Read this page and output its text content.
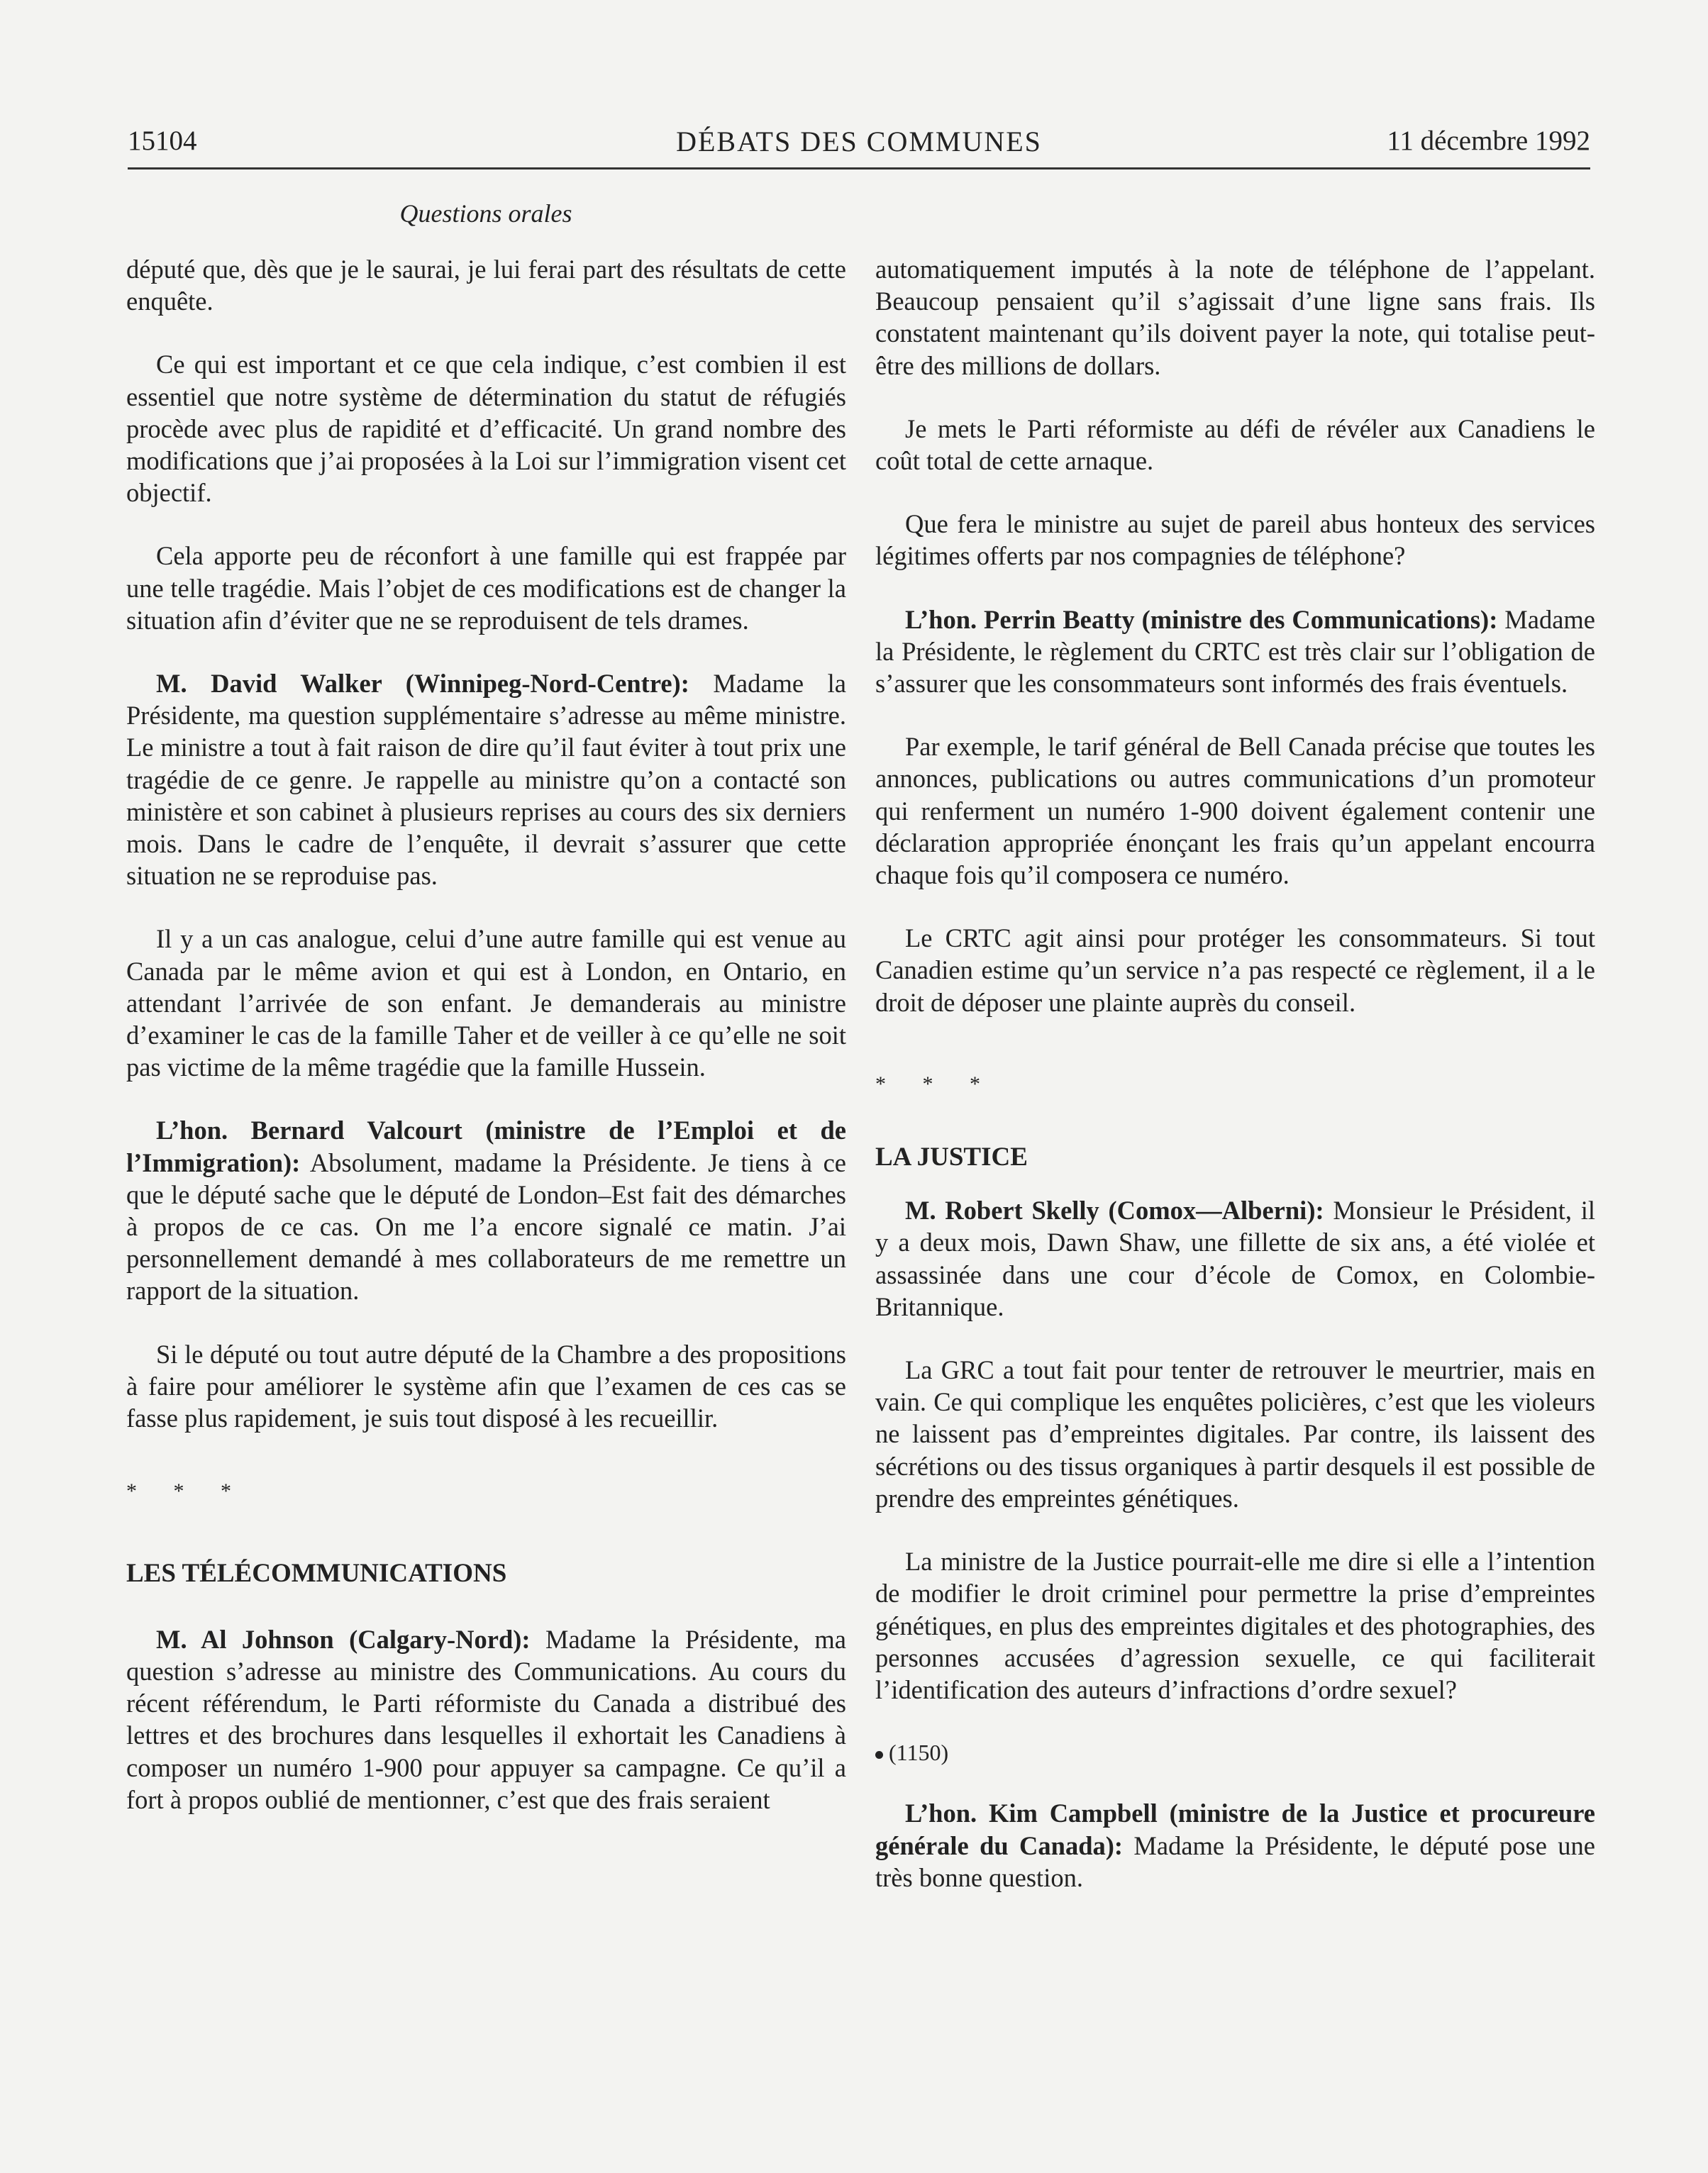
15104	DÉBATS DES COMMUNES	11 décembre 1992
Questions orales

député que, dès que je le saurai, je lui ferai part des résultats de cette enquête.

Ce qui est important et ce que cela indique, c’est combien il est essentiel que notre système de détermination du statut de réfugiés procède avec plus de rapidité et d’efficacité. Un grand nombre des modifications que j’ai proposées à la Loi sur l’immigration visent cet objectif.

Cela apporte peu de réconfort à une famille qui est frappée par une telle tragédie. Mais l’objet de ces modifications est de changer la situation afin d’éviter que ne se reproduisent de tels drames.

M. David Walker (Winnipeg-Nord-Centre): Madame la Présidente, ma question supplémentaire s’adresse au même ministre. Le ministre a tout à fait raison de dire qu’il faut éviter à tout prix une tragédie de ce genre. Je rappelle au ministre qu’on a contacté son ministère et son cabinet à plusieurs reprises au cours des six derniers mois. Dans le cadre de l’enquête, il devrait s’assurer que cette situation ne se reproduise pas.

Il y a un cas analogue, celui d’une autre famille qui est venue au Canada par le même avion et qui est à London, en Ontario, en attendant l’arrivée de son enfant. Je demanderais au ministre d’examiner le cas de la famille Taher et de veiller à ce qu’elle ne soit pas victime de la même tragédie que la famille Hussein.

L’hon. Bernard Valcourt (ministre de l’Emploi et de l’Immigration): Absolument, madame la Présidente. Je tiens à ce que le député sache que le député de London–Est fait des démarches à propos de ce cas. On me l’a encore signalé ce matin. J’ai personnellement demandé à mes collaborateurs de me remettre un rapport de la situation.

Si le député ou tout autre député de la Chambre a des propositions à faire pour améliorer le système afin que l’examen de ces cas se fasse plus rapidement, je suis tout disposé à les recueillir.

* * *

LES TÉLÉCOMMUNICATIONS

M. Al Johnson (Calgary-Nord): Madame la Présidente, ma question s’adresse au ministre des Communications. Au cours du récent référendum, le Parti réformiste du Canada a distribué des lettres et des brochures dans lesquelles il exhortait les Canadiens à composer un numéro 1-900 pour appuyer sa campagne. Ce qu’il a fort à propos oublié de mentionner, c’est que des frais seraient

automatiquement imputés à la note de téléphone de l’appelant. Beaucoup pensaient qu’il s’agissait d’une ligne sans frais. Ils constatent maintenant qu’ils doivent payer la note, qui totalise peut-être des millions de dollars.

Je mets le Parti réformiste au défi de révéler aux Canadiens le coût total de cette arnaque.

Que fera le ministre au sujet de pareil abus honteux des services légitimes offerts par nos compagnies de téléphone?

L’hon. Perrin Beatty (ministre des Communications): Madame la Présidente, le règlement du CRTC est très clair sur l’obligation de s’assurer que les consommateurs sont informés des frais éventuels.

Par exemple, le tarif général de Bell Canada précise que toutes les annonces, publications ou autres communications d’un promoteur qui renferment un numéro 1-900 doivent également contenir une déclaration appropriée énonçant les frais qu’un appelant encourra chaque fois qu’il composera ce numéro.

Le CRTC agit ainsi pour protéger les consommateurs. Si tout Canadien estime qu’un service n’a pas respecté ce règlement, il a le droit de déposer une plainte auprès du conseil.

* * *

LA JUSTICE

M. Robert Skelly (Comox—Alberni): Monsieur le Président, il y a deux mois, Dawn Shaw, une fillette de six ans, a été violée et assassinée dans une cour d’école de Comox, en Colombie-Britannique.

La GRC a tout fait pour tenter de retrouver le meurtrier, mais en vain. Ce qui complique les enquêtes policières, c’est que les violeurs ne laissent pas d’empreintes digitales. Par contre, ils laissent des sécrétions ou des tissus organiques à partir desquels il est possible de prendre des empreintes génétiques.

La ministre de la Justice pourrait-elle me dire si elle a l’intention de modifier le droit criminel pour permettre la prise d’empreintes génétiques, en plus des empreintes digitales et des photographies, des personnes accusées d’agression sexuelle, ce qui faciliterait l’identification des auteurs d’infractions d’ordre sexuel?

(1150)

L’hon. Kim Campbell (ministre de la Justice et procureure générale du Canada): Madame la Présidente, le député pose une très bonne question.
